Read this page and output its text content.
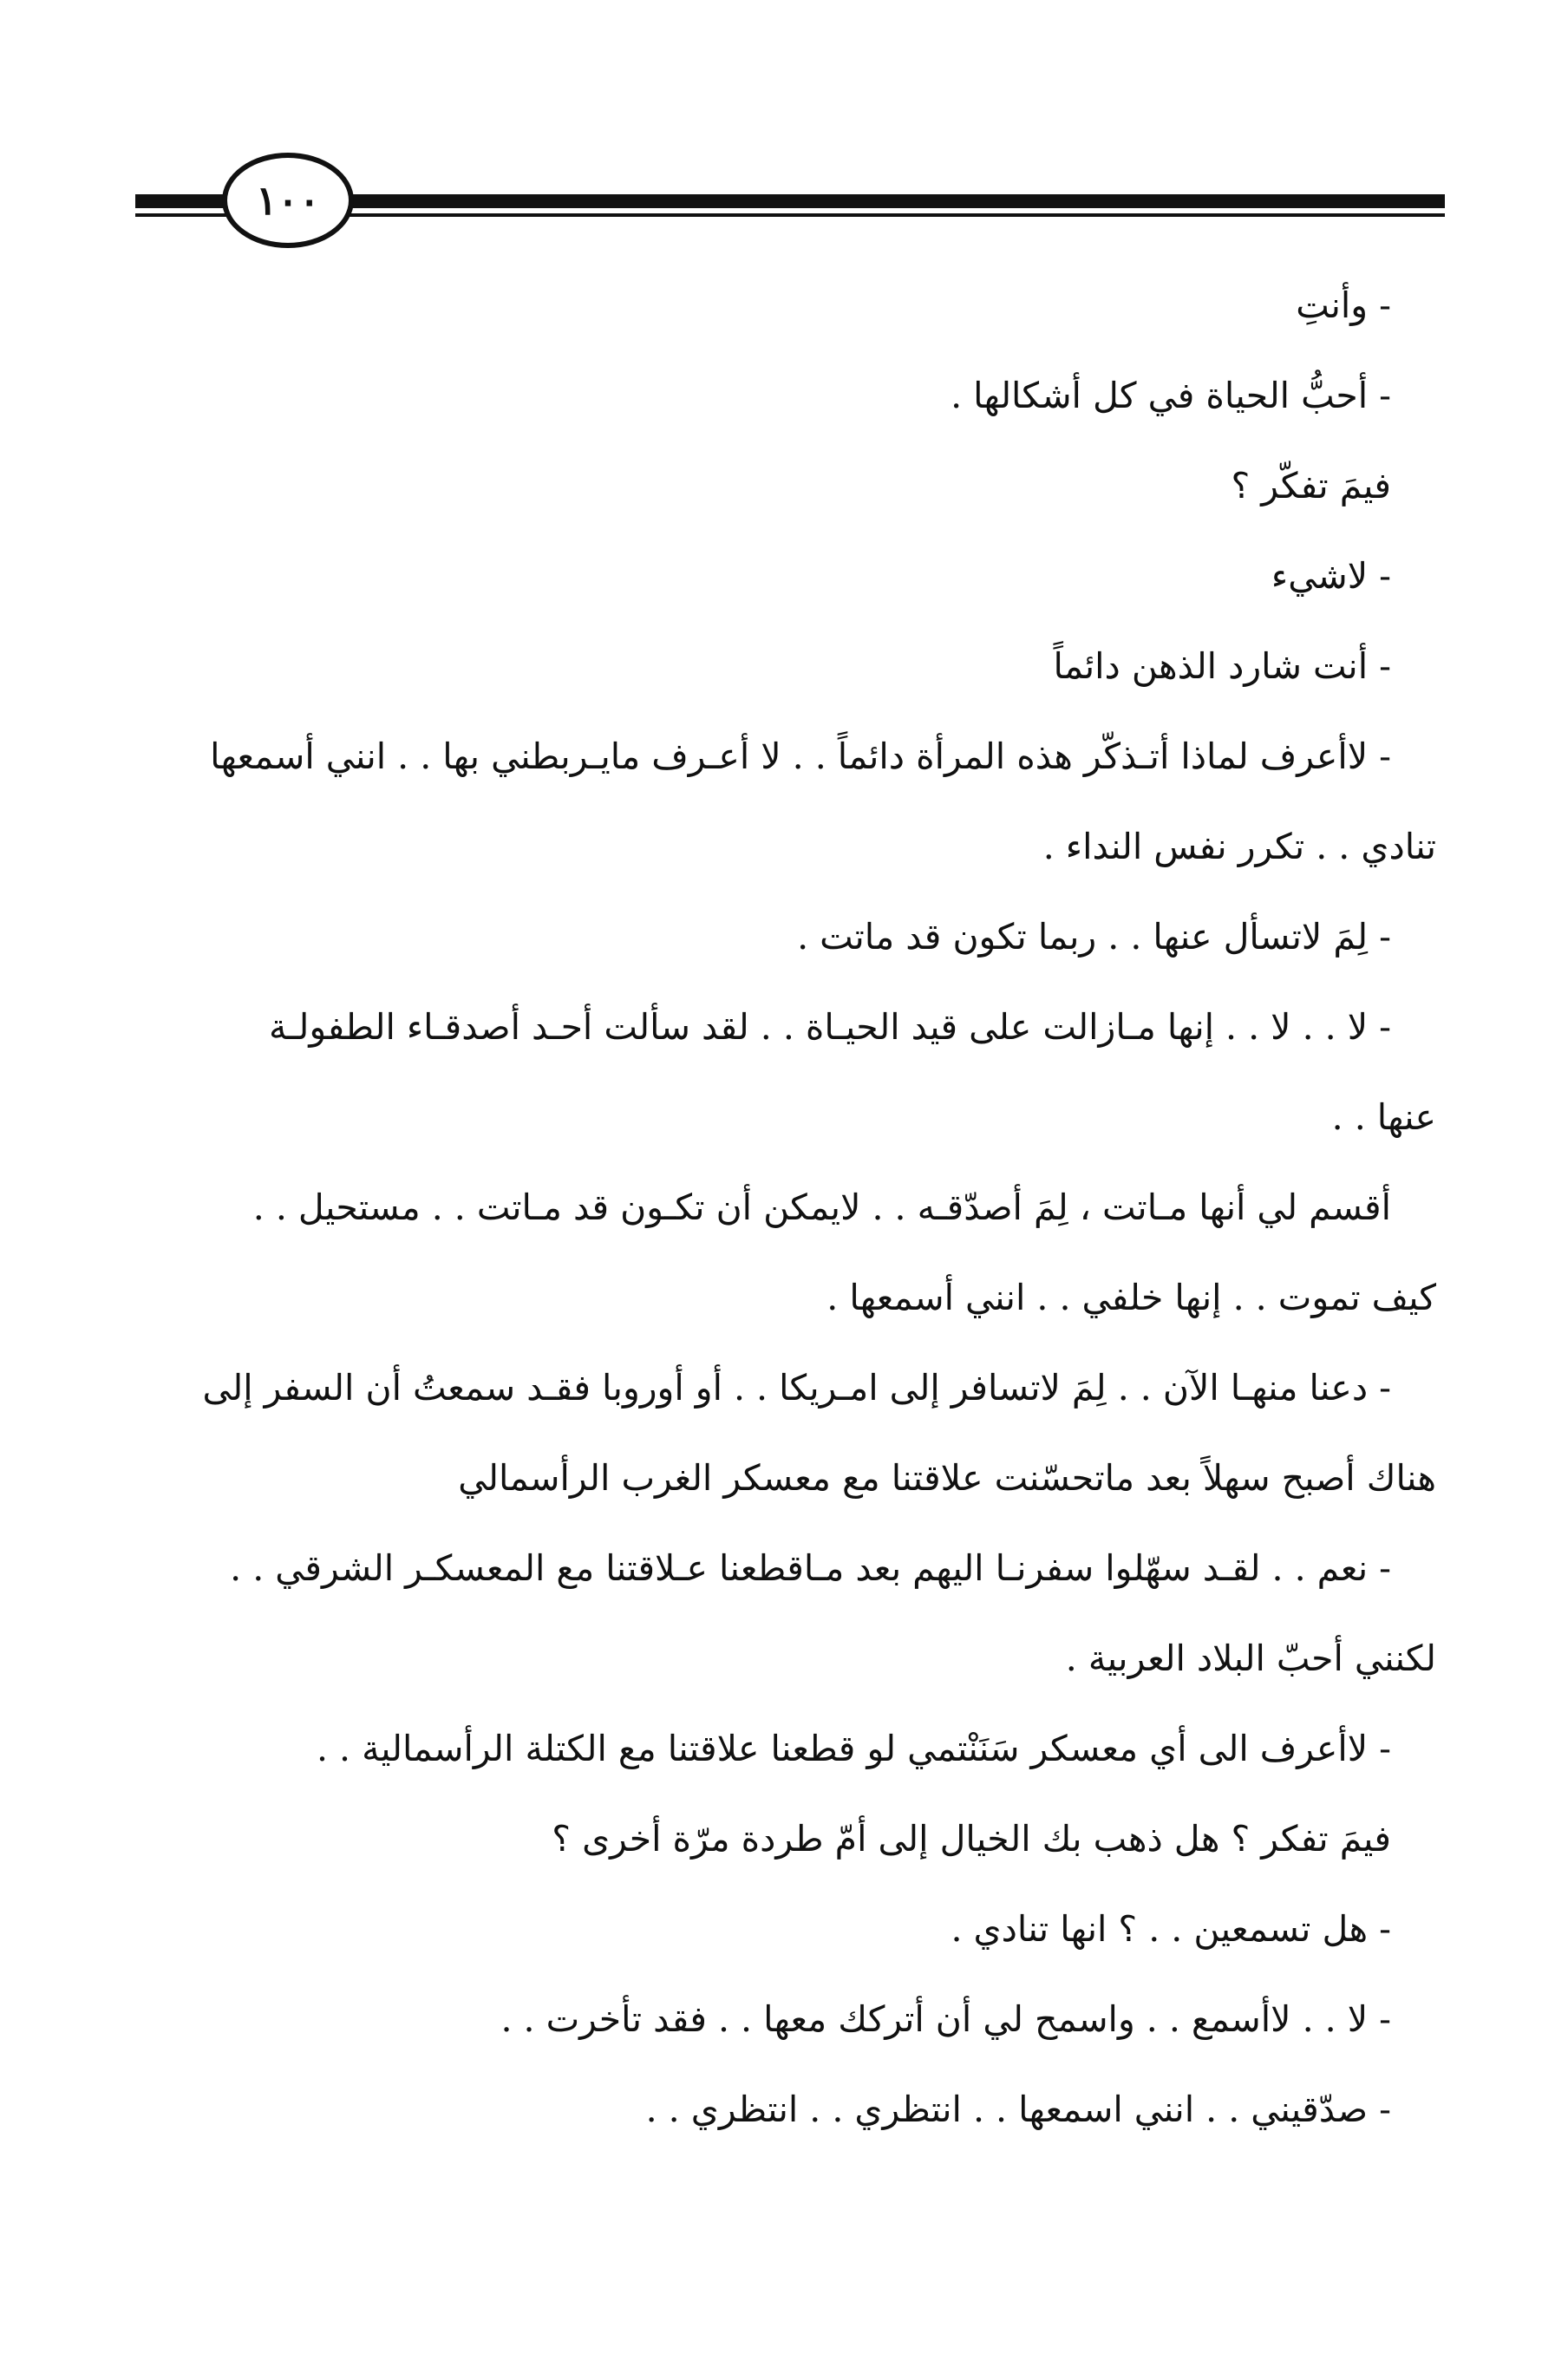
١٠٠
- وأنتِ
- أحبُّ الحياة في كل أشكالها .
فيمَ تفكّر ؟
- لاشيء
- أنت شارد الذهن دائماً
- لاأعرف لماذا أتـذكّر هذه المرأة دائماً . . لا أعـرف مايـربطني بها . . انني أسمعها
تنادي . . تكرر نفس النداء .
- لِمَ لاتسأل عنها . . ربما تكون قد ماتت .
- لا . . لا . . إنها مـازالت على قيد الحيـاة . . لقد سألت أحـد أصدقـاء الطفولـة
عنها . .
أقسم لي أنها مـاتت ، لِمَ أصدّقـه . . لايمكن أن تكـون قد مـاتت . . مستحيل . .
كيف تموت . . إنها خلفي . . انني أسمعها .
- دعنا منهـا الآن . . لِمَ لاتسافر إلى امـريكا . . أو أوروبا فقـد سمعتُ أن السفر إلى
هناك أصبح سهلاً بعد ماتحسّنت علاقتنا مع معسكر الغرب الرأسمالي
- نعم . . لقـد سهّلوا سفرنـا اليهم بعد مـاقطعنا عـلاقتنا مع المعسكـر الشرقي . .
لكنني أحبّ البلاد العربية .
- لاأعرف الى أي معسكر سَنَنْتمي لو قطعنا علاقتنا مع الكتلة الرأسمالية . .
فيمَ تفكر ؟ هل ذهب بك الخيال إلى أمّ طردة مرّة أخرى ؟
- هل تسمعين . . ؟ انها تنادي .
- لا . . لاأسمع . . واسمح لي أن أتركك معها . . فقد تأخرت . .
- صدّقيني . . انني اسمعها . . انتظري . . انتظري . .
